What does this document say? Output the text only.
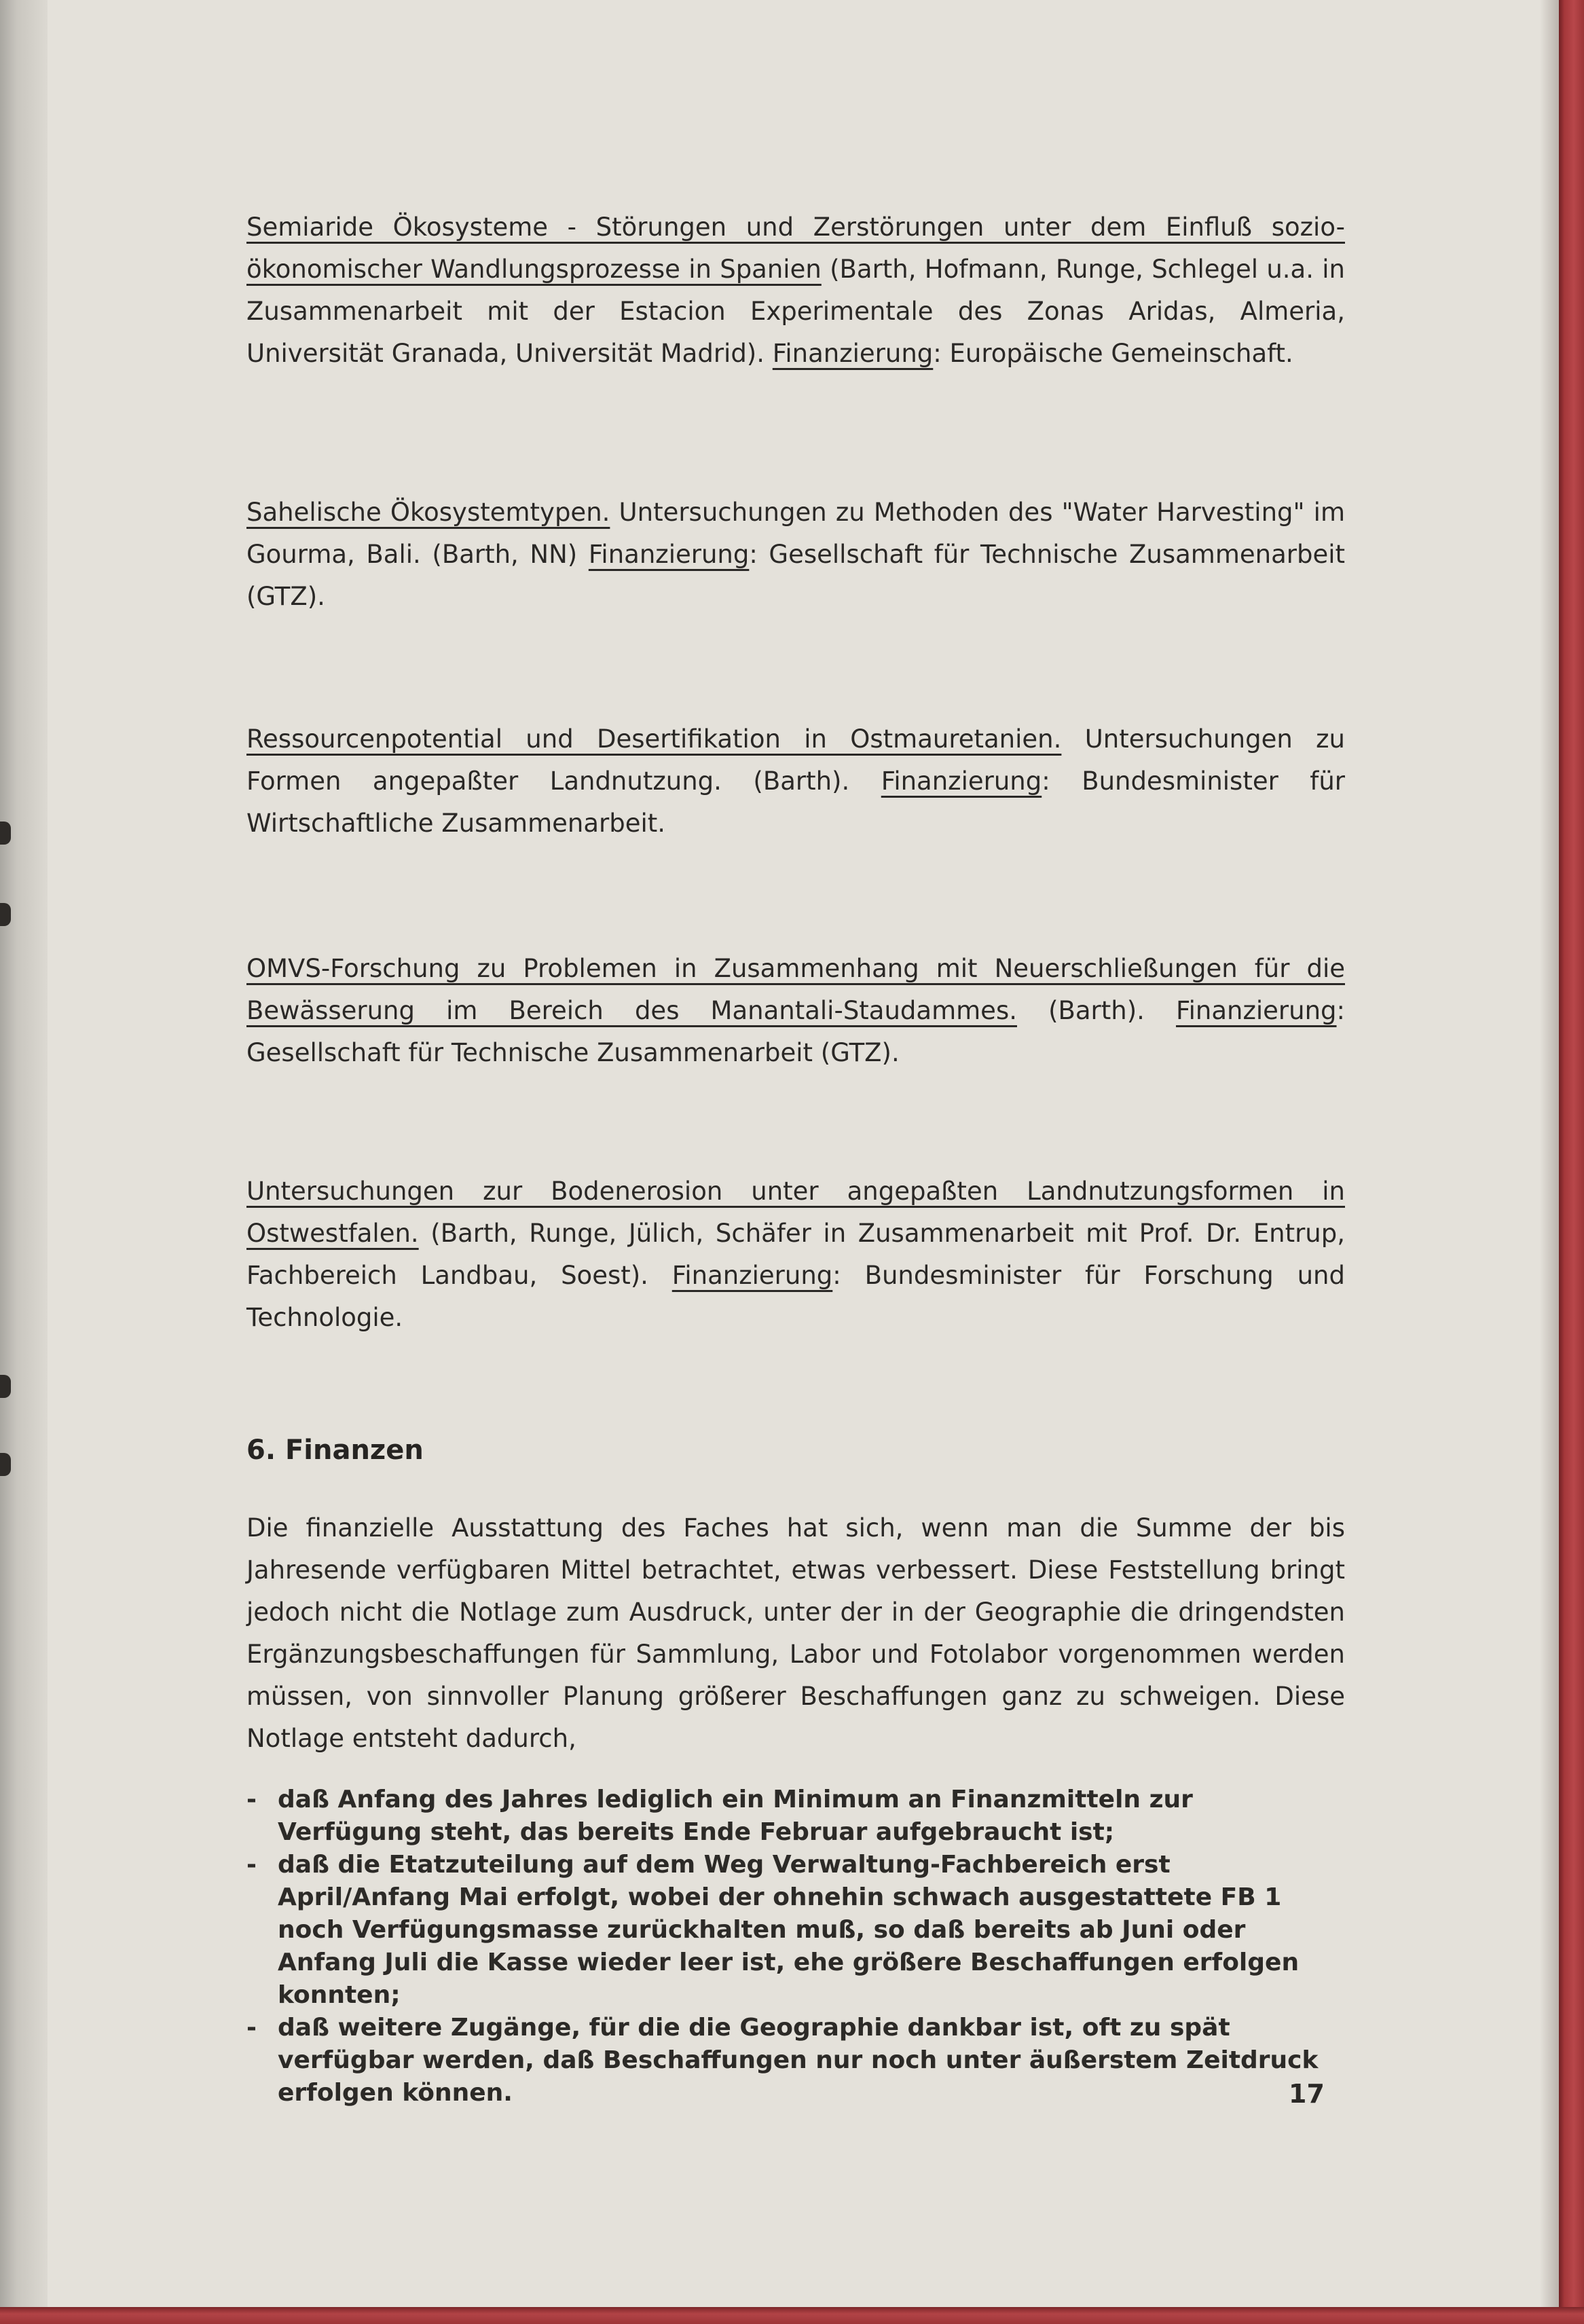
Semiaride Ökosysteme - Störungen und Zerstörungen unter dem Einfluß sozio-ökonomischer Wandlungsprozesse in Spanien (Barth, Hofmann, Runge, Schlegel u.a. in Zusammenarbeit mit der Estacion Experimentale des Zonas Aridas, Almeria, Universität Granada, Universität Madrid). Finanzierung: Europäische Gemeinschaft.

Sahelische Ökosystemtypen. Untersuchungen zu Methoden des "Water Harvesting" im Gourma, Bali. (Barth, NN) Finanzierung: Gesellschaft für Technische Zusammenarbeit (GTZ).

Ressourcenpotential und Desertifikation in Ostmauretanien. Untersuchungen zu Formen angepaßter Landnutzung. (Barth). Finanzierung: Bundesminister für Wirtschaftliche Zusammenarbeit.

OMVS-Forschung zu Problemen in Zusammenhang mit Neuerschließungen für die Bewässerung im Bereich des Manantali-Staudammes. (Barth). Finanzierung: Gesellschaft für Technische Zusammenarbeit (GTZ).

Untersuchungen zur Bodenerosion unter angepaßten Landnutzungsformen in Ostwestfalen. (Barth, Runge, Jülich, Schäfer in Zusammenarbeit mit Prof. Dr. Entrup, Fachbereich Landbau, Soest). Finanzierung: Bundesminister für Forschung und Technologie.

6. Finanzen

Die finanzielle Ausstattung des Faches hat sich, wenn man die Summe der bis Jahresende verfügbaren Mittel betrachtet, etwas verbessert. Diese Feststellung bringt jedoch nicht die Notlage zum Ausdruck, unter der in der Geographie die dringendsten Ergänzungsbeschaffungen für Sammlung, Labor und Fotolabor vorgenommen werden müssen, von sinnvoller Planung größerer Beschaffungen ganz zu schweigen. Diese Notlage entsteht dadurch,

- daß Anfang des Jahres lediglich ein Minimum an Finanzmitteln zur Verfügung steht, das bereits Ende Februar aufgebraucht ist;
- daß die Etatzuteilung auf dem Weg Verwaltung-Fachbereich erst April/Anfang Mai erfolgt, wobei der ohnehin schwach ausgestattete FB 1 noch Verfügungsmasse zurückhalten muß, so daß bereits ab Juni oder Anfang Juli die Kasse wieder leer ist, ehe größere Beschaffungen erfolgen konnten;
- daß weitere Zugänge, für die die Geographie dankbar ist, oft zu spät verfügbar werden, daß Beschaffungen nur noch unter äußerstem Zeitdruck erfolgen können.	17
